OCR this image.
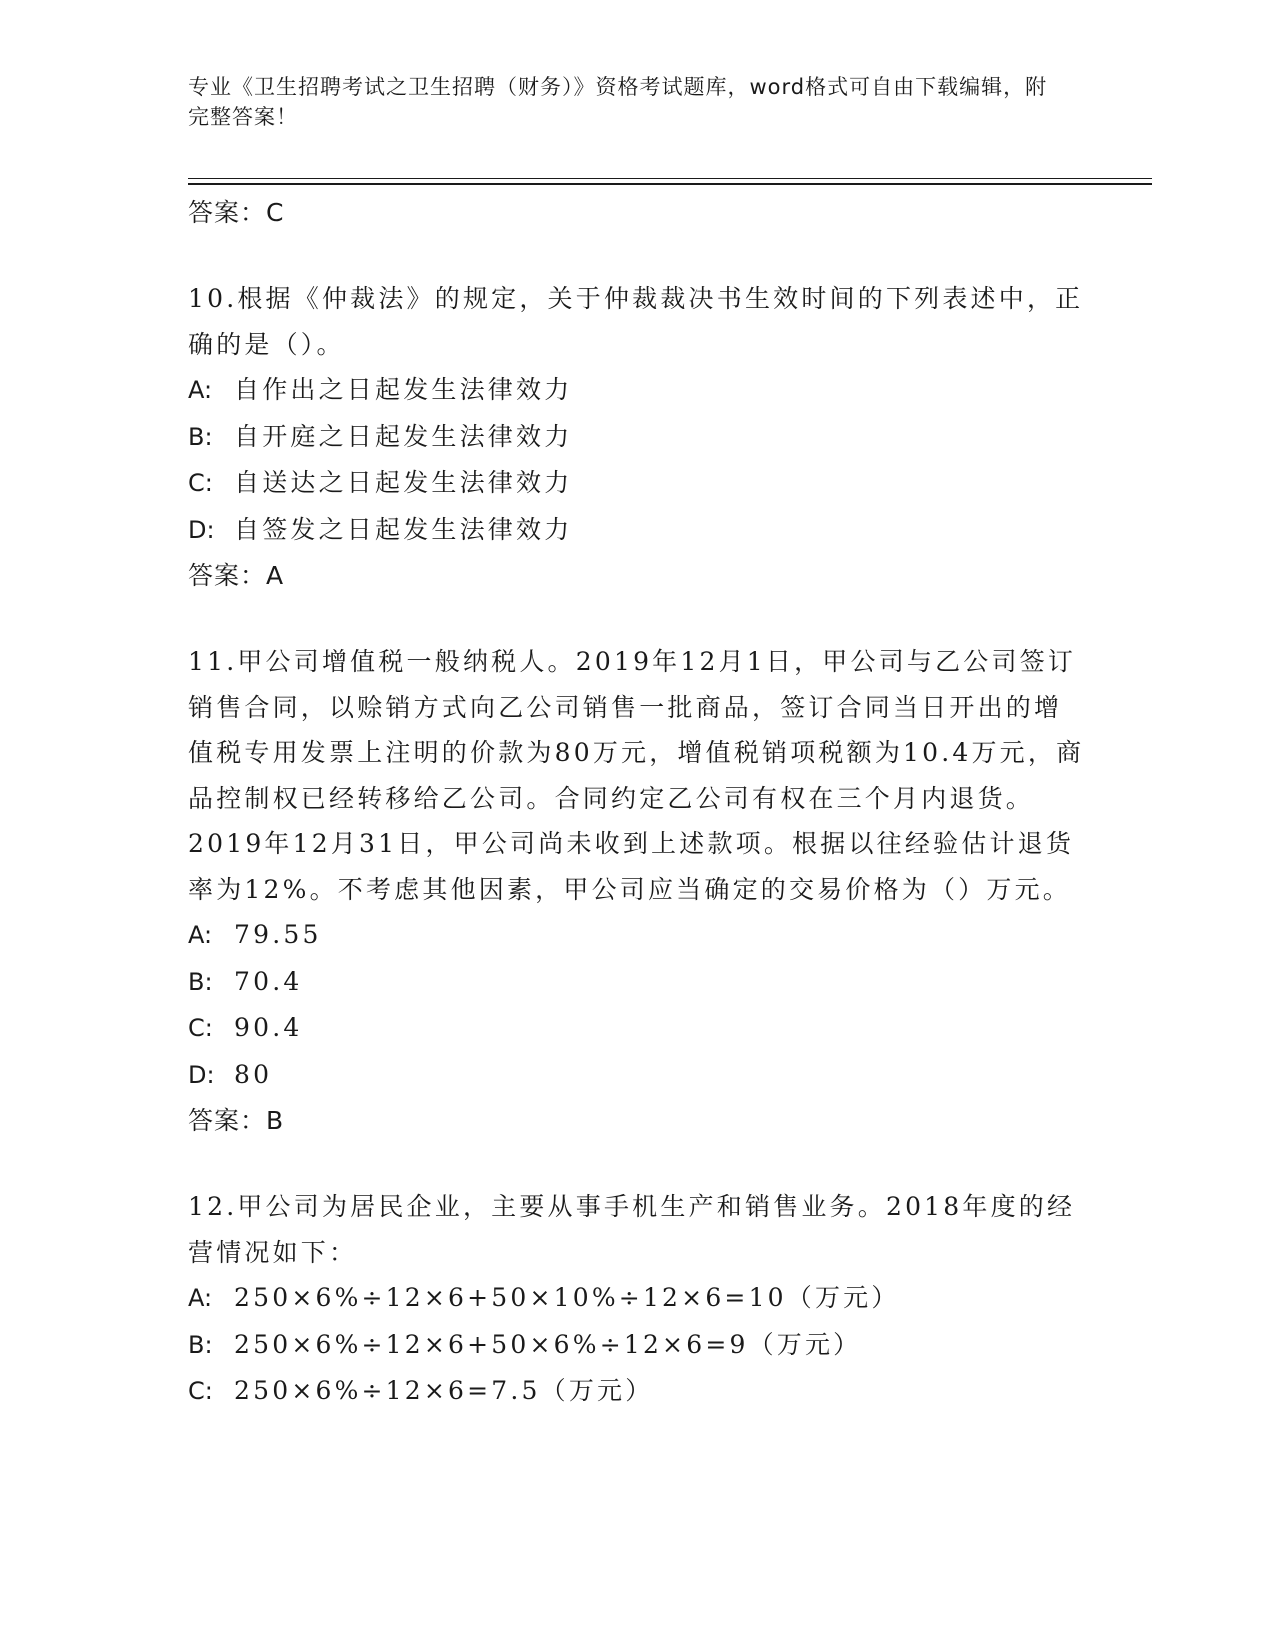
专业《卫生招聘考试之卫生招聘（财务）》资格考试题库，word格式可自由下载编辑，附完整答案！
答案：C
10.根据《仲裁法》的规定，关于仲裁裁决书生效时间的下列表述中，正确的是（）。
A: 自作出之日起发生法律效力
B: 自开庭之日起发生法律效力
C: 自送达之日起发生法律效力
D: 自签发之日起发生法律效力
答案：A
11.甲公司增值税一般纳税人。2019年12月1日，甲公司与乙公司签订销售合同，以赊销方式向乙公司销售一批商品，签订合同当日开出的增值税专用发票上注明的价款为80万元，增值税销项税额为10.4万元，商品控制权已经转移给乙公司。合同约定乙公司有权在三个月内退货。2019年12月31日，甲公司尚未收到上述款项。根据以往经验估计退货率为12%。不考虑其他因素，甲公司应当确定的交易价格为（）万元。
A: 79.55
B: 70.4
C: 90.4
D: 80
答案：B
12.甲公司为居民企业，主要从事手机生产和销售业务。2018年度的经营情况如下：
A: 250×6%÷12×6+50×10%÷12×6=10（万元）
B: 250×6%÷12×6+50×6%÷12×6=9（万元）
C: 250×6%÷12×6=7.5（万元）
